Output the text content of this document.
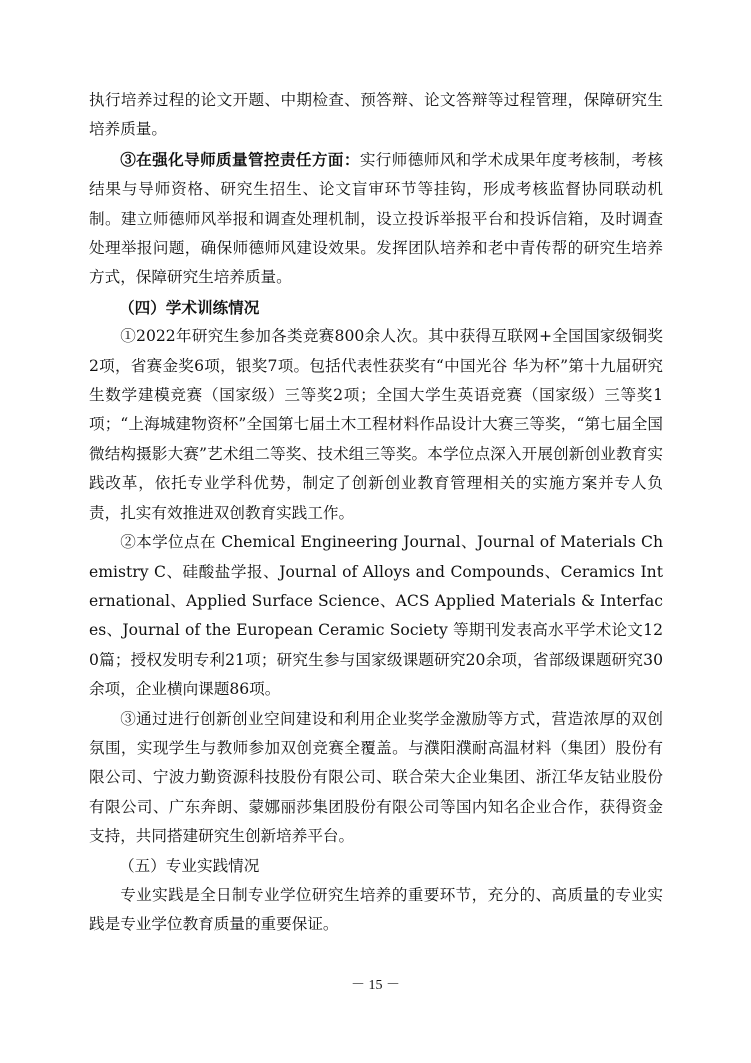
执行培养过程的论文开题、中期检查、预答辩、论文答辩等过程管理，保障研究生培养质量。

③在强化导师质量管控责任方面：实行师德师风和学术成果年度考核制，考核结果与导师资格、研究生招生、论文盲审环节等挂钩，形成考核监督协同联动机制。建立师德师风举报和调查处理机制，设立投诉举报平台和投诉信箱，及时调查处理举报问题，确保师德师风建设效果。发挥团队培养和老中青传帮的研究生培养方式，保障研究生培养质量。

（四）学术训练情况

①2022年研究生参加各类竞赛800余人次。其中获得互联网+全国国家级铜奖2项，省赛金奖6项，银奖7项。包括代表性获奖有“中国光谷 华为杯”第十九届研究生数学建模竞赛（国家级）三等奖2项；全国大学生英语竞赛（国家级）三等奖1项；“上海城建物资杯”全国第七届土木工程材料作品设计大赛三等奖，“第七届全国微结构摄影大赛”艺术组二等奖、技术组三等奖。本学位点深入开展创新创业教育实践改革，依托专业学科优势，制定了创新创业教育管理相关的实施方案并专人负责，扎实有效推进双创教育实践工作。

②本学位点在 Chemical Engineering Journal、Journal of Materials Chemistry C、硅酸盐学报、Journal of Alloys and Compounds、Ceramics International、Applied Surface Science、ACS Applied Materials & Interfaces、Journal of the European Ceramic Society 等期刊发表高水平学术论文120篇；授权发明专利21项；研究生参与国家级课题研究20余项，省部级课题研究30余项，企业横向课题86项。

③通过进行创新创业空间建设和利用企业奖学金激励等方式，营造浓厚的双创氛围，实现学生与教师参加双创竞赛全覆盖。与濮阳濮耐高温材料（集团）股份有限公司、宁波力勤资源科技股份有限公司、联合荣大企业集团、浙江华友钴业股份有限公司、广东奔朗、蒙娜丽莎集团股份有限公司等国内知名企业合作，获得资金支持，共同搭建研究生创新培养平台。

（五）专业实践情况

专业实践是全日制专业学位研究生培养的重要环节，充分的、高质量的专业实践是专业学位教育质量的重要保证。

－ 15 －
